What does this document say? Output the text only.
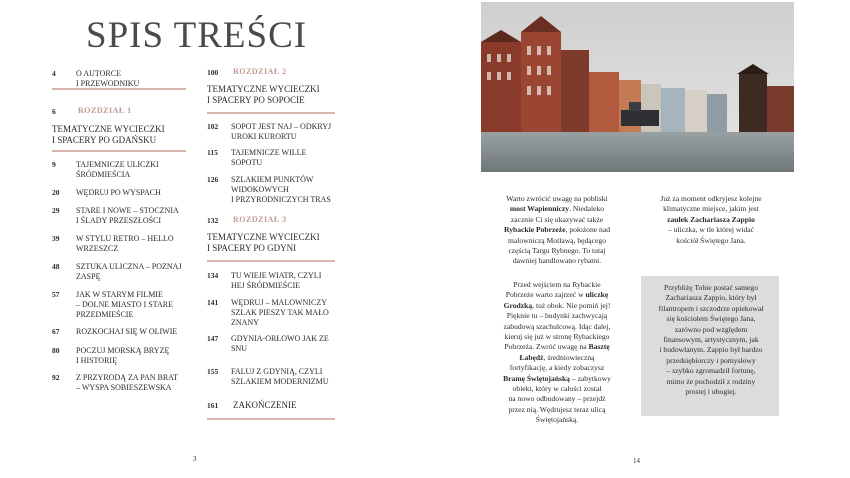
SPIS TREŚCI
4	O AUTORCE
I PRZEWODNIKU
6	ROZDZIAŁ 1
TEMATYCZNE WYCIECZKI
I SPACERY PO GDAŃSKU
9	TAJEMNICZE ULICZKI
ŚRÓDMIEŚCIA
20 WĘDRUJ PO WYSPACH
29 STARE I NOWE – STOCZNIA
I ŚLADY PRZESZŁOŚCI
39 W STYLU RETRO – HELLO
WRZESZCZ
48 SZTUKA ULICZNA – POZNAJ
ZASPĘ
57 JAK W STARYM FILMIE
– DOLNE MIASTO I STARE
PRZEDMIEŚCIE
67 ROZKOCHAJ SIĘ W OLIWIE
80 POCZUJ MORSKĄ BRYZĘ
I HISTORIĘ
92 Z PRZYRODĄ ZA PAN BRAT
– WYSPA SOBIESZEWSKA
100 ROZDZIAŁ 2
TEMATYCZNE WYCIECZKI
I SPACERY PO SOPOCIE
102 SOPOT JEST NAJ – ODKRYJ
UROKI KURORTU
115 TAJEMNICZE WILLE
SOPOTU
126 SZLAKIEM PUNKTÓW
WIDOKOWYCH
I PRZYRODNICZYCH TRAS
132 ROZDZIAŁ 3
TEMATYCZNE WYCIECZKI
I SPACERY PO GDYNI
134 TU WIEJE WIATR, CZYLI
HEJ ŚRÓDMIEŚCIE
141 WĘDRUJ – MALOWNICZY
SZLAK PIESZY TAK MAŁO
ZNANY
147 GDYNIA-ORŁOWO JAK ZE
SNU
155 FALUJ Z GDYNIĄ, CZYLI
SZLAKIEM MODERNIZMU
161 ZAKOŃCZENIE
3
Warto zwrócić uwagę na pobliski
most Wapienniczy. Niedaleko
zacznie Ci się ukazywać także
Rybackie Pobrzeże, położone nad
malowniczą Motławą, będącego
częścią Targu Rybnego. To tutaj
dawniej handlowano rybami.
Przed wejściem na Rybackie
Pobrzeże warto zajrzeć w uliczkę
Grodzką, tuż obok. Nie pomiń jej!
Pięknie tu – budynki zachwycają
zabudową szachulcową. Idąc dalej,
kieruj się już w stronę Rybackiego
Pobrzeża. Zwróć uwagę na Basztę
Łabędź, średniowieczną
fortyfikację, a kiedy zobaczysz
Bramę Świętojańską – zabytkowy
obiekt, który w całości został
na nowo odbudowany – przejdź
przez nią. Wędrujesz teraz ulicą
Świętojańską.
Już za moment odkryjesz kolejne
klimatyczne miejsce, jakim jest
zaułek Zachariasza Zappio
– uliczka, w tle której widać
kościół Świętego Jana.
Przybliżę Tobie postać samego
Zachariasza Zappio, który był
filantropem i szczodrze opiekował
się kościołem Świętego Jana,
zarówno pod względem
finansowym, artystycznym, jak
i budowlanym. Zappio był bardzo
przedsiębiorczy i pomysłowy
– szybko zgromadził fortunę,
mimo że pochodził z rodziny
prostej i ubogiej.
14
